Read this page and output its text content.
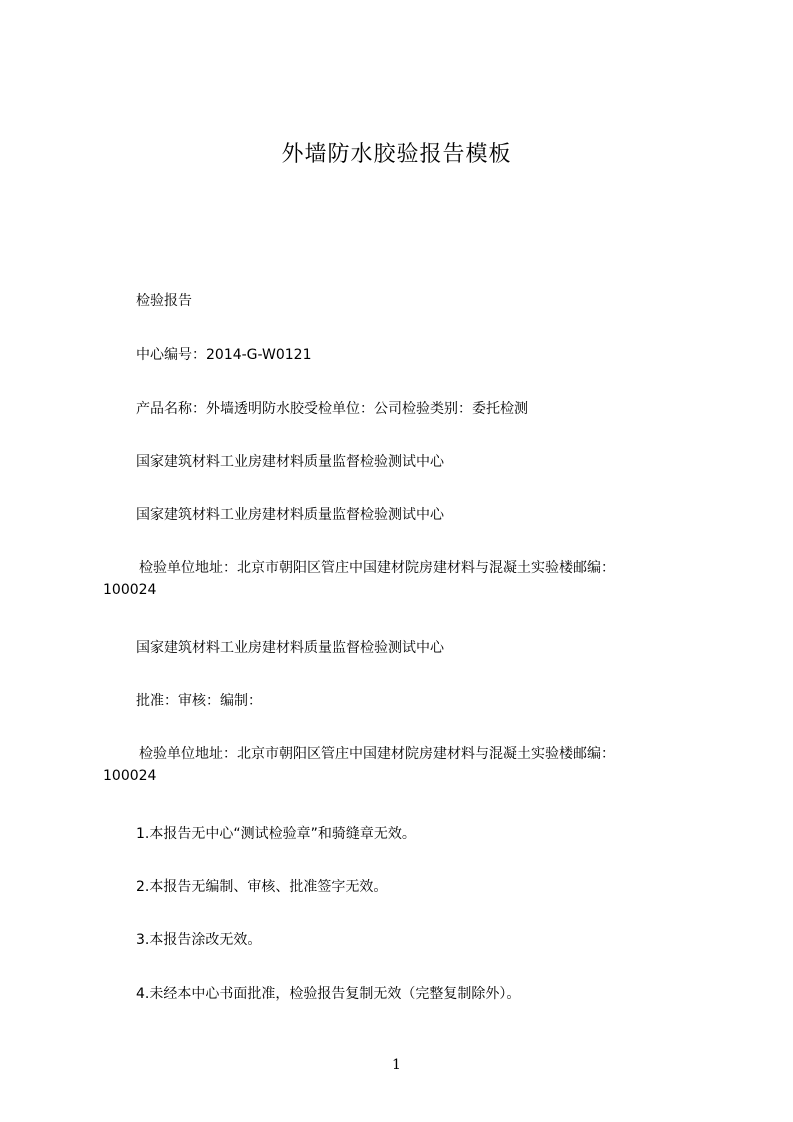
外墙防水胶验报告模板
检验报告
中心编号：2014-G-W0121
产品名称：外墙透明防水胶受检单位：公司检验类别：委托检测
国家建筑材料工业房建材料质量监督检验测试中心
国家建筑材料工业房建材料质量监督检验测试中心
检验单位地址：北京市朝阳区管庄中国建材院房建材料与混凝土实验楼邮编：
100024
国家建筑材料工业房建材料质量监督检验测试中心
批准：审核：编制：
检验单位地址：北京市朝阳区管庄中国建材院房建材料与混凝土实验楼邮编：
100024
1.本报告无中心“测试检验章”和骑缝章无效。
2.本报告无编制、审核、批准签字无效。
3.本报告涂改无效。
4.未经本中心书面批准，检验报告复制无效（完整复制除外）。
1
